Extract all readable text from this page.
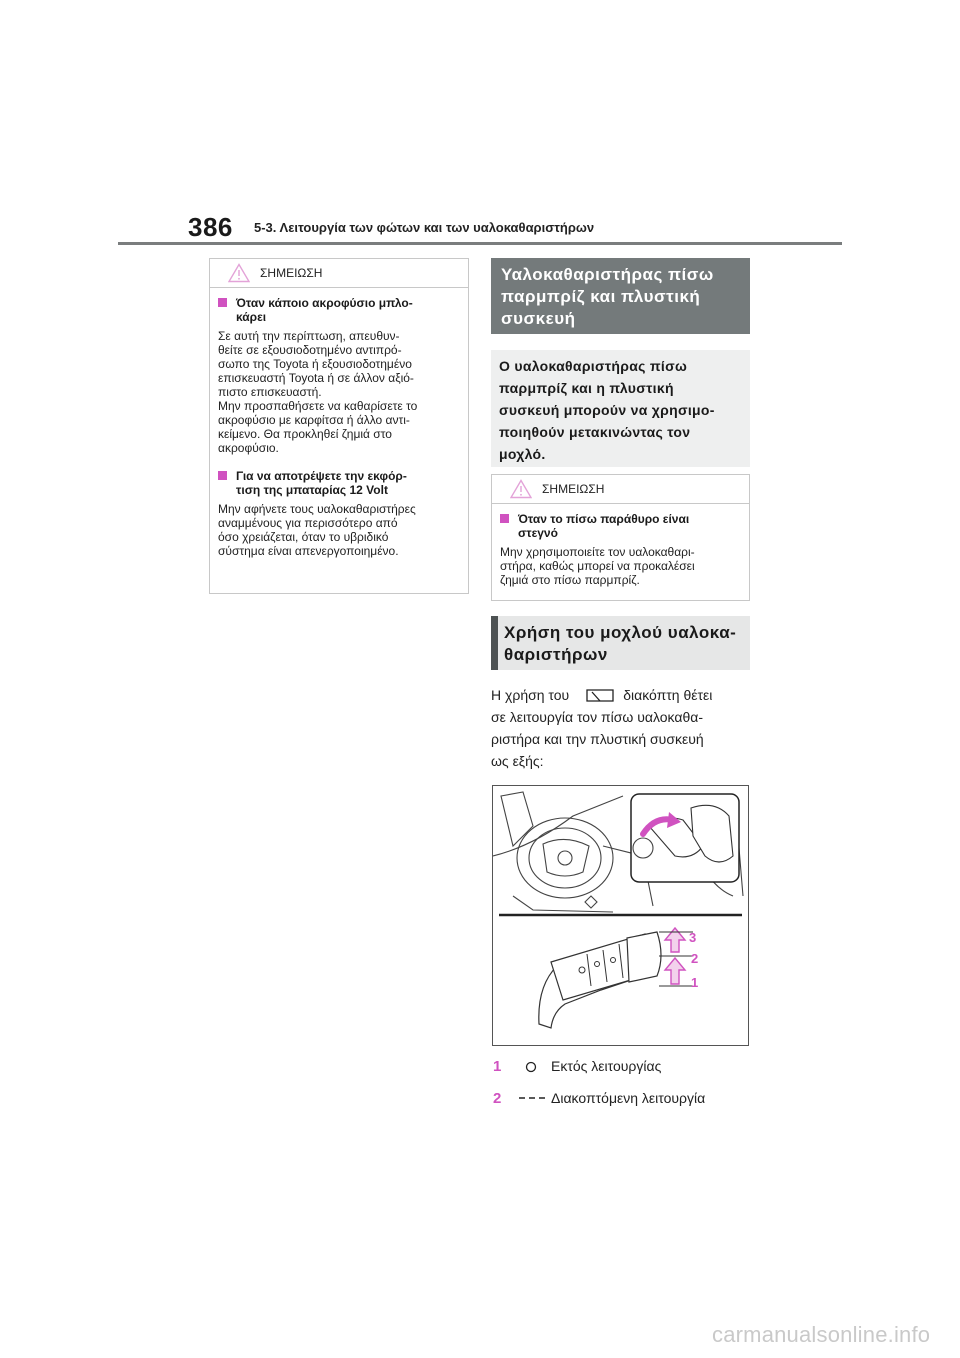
386 5-3. Λειτουργία των φώτων και των υαλοκαθαριστήρων
ΣΗΜΕΙΩΣΗ
Όταν κάποιο ακροφύσιο μπλο-
κάρει

Σε αυτή την περίπτωση, απευθυν-
θείτε σε εξουσιοδοτημένο αντιπρό-
σωπο της Toyota ή εξουσιοδοτημένο
επισκευαστή Toyota ή σε άλλον αξιό-
πιστο επισκευαστή.
Μην προσπαθήσετε να καθαρίσετε το
ακροφύσιο με καρφίτσα ή άλλο αντι-
κείμενο. Θα προκληθεί ζημιά στο
ακροφύσιο.

Για να αποτρέψετε την εκφόρ-
τιση της μπαταρίας 12 Volt

Μην αφήνετε τους υαλοκαθαριστήρες
αναμμένους για περισσότερο από
όσο χρειάζεται, όταν το υβριδικό
σύστημα είναι απενεργοποιημένο.

Υαλοκαθαριστήρας πίσω
παρμπρίζ και πλυστική
συσκευή
Ο υαλοκαθαριστήρας πίσω
παρμπρίζ και η πλυστική
συσκευή μπορούν να χρησιμο-
ποιηθούν μετακινώντας τον
μοχλό.
ΣΗΜΕΙΩΣΗ
Όταν το πίσω παράθυρο είναι
στεγνό

Μην χρησιμοποιείτε τον υαλοκαθαρι-
στήρα, καθώς μπορεί να προκαλέσει
ζημιά στο πίσω παρμπρίζ.

Χρήση του μοχλού υαλοκα-
θαριστήρων
Η χρήση του	διακόπτη θέτει
σε λειτουργία τον πίσω υαλοκαθα-
ριστήρα και την πλυστική συσκευή
ως εξής:
3
2
1
1	Εκτός λειτουργίας
2	Διακοπτόμενη λειτουργία
carmanualsonline.info
